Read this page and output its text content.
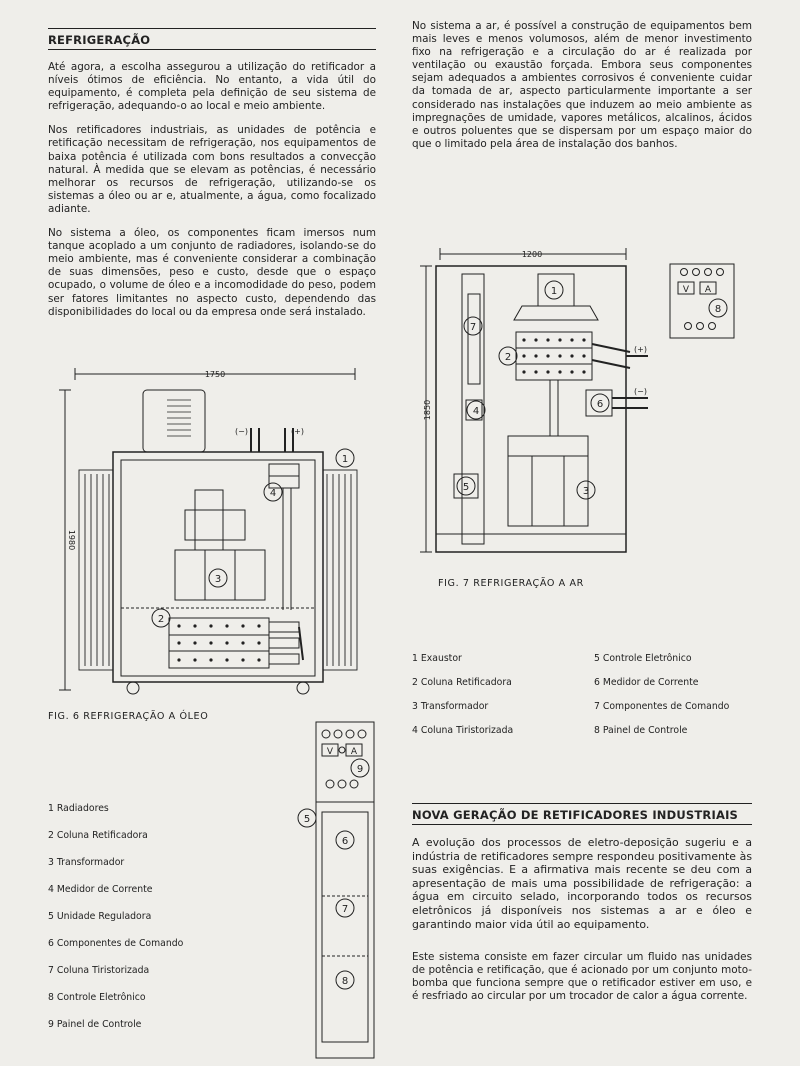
REFRIGERAÇÃO

Até agora, a escolha assegurou a utilização do retificador a níveis ótimos de eficiência. No entanto, a vida útil do equipamento, é completa pela definição de seu sistema de refrigeração, adequando-o ao local e meio ambiente.

Nos retificadores industriais, as unidades de potência e retificação necessitam de refrigeração, nos equipamentos de baixa potência é utilizada com bons resultados a convecção natural. À medida que se elevam as potências, é necessário melhorar os recursos de refrigeração, utilizando-se os sistemas a óleo ou ar e, atualmente, a água, como focalizado adiante.

No sistema a óleo, os componentes ficam imersos num tanque acoplado a um conjunto de radiadores, isolando-se do meio ambiente, mas é conveniente considerar a combinação de suas dimensões, peso e custo, desde que o espaço ocupado, o volume de óleo e a incomodidade do peso, podem ser fatores limitantes no aspecto custo, dependendo das disponibilidades do local ou da empresa onde será instalado.

No sistema a ar, é possível a construção de equipamentos bem mais leves e menos volumosos, além de menor investimento fixo na refrigeração e a circulação do ar é realizada por ventilação ou exaustão forçada. Embora seus componentes sejam adequados a ambientes corrosivos é conveniente cuidar da tomada de ar, aspecto particularmente importante a ser considerado nas instalações que induzem ao meio ambiente as impregnações de umidade, vapores metálicos, alcalinos, ácidos e outros poluentes que se dispersam por um espaço maior do que o limitado pela área de instalação dos banhos.

1750
1980
(−)	(+)
1
4
3
2
FIG. 6 REFRIGERAÇÃO A ÓLEO
1 Radiadores
2 Coluna Retificadora
3 Transformador
4 Medidor de Corrente
5 Unidade Reguladora
6 Componentes de Comando
7 Coluna Tiristorizada
8 Controle Eletrônico
9 Painel de Controle
V A
9
6
7
8
5
1200
1850
(+)
(−)
1
2
7
4
5
6
3
V A
8
FIG. 7 REFRIGERAÇÃO A AR
1 Exaustor
2 Coluna Retificadora
3 Transformador
4 Coluna Tiristorizada
5 Controle Eletrônico
6 Medidor de Corrente
7 Componentes de Comando
8 Painel de Controle
NOVA GERAÇÃO DE RETIFICADORES INDUSTRIAIS

A evolução dos processos de eletro-deposição sugeriu e a indústria de retificadores sempre respondeu positivamente às suas exigências. E a afirmativa mais recente se deu com a apresentação de mais uma possibilidade de refrigeração: a água em circuito selado, incorporando todos os recursos eletrônicos já disponíveis nos sistemas a ar e óleo e garantindo maior vida útil ao equipamento.

Este sistema consiste em fazer circular um fluido nas unidades de potência e retificação, que é acionado por um conjunto moto-bomba que funciona sempre que o retificador estiver em uso, e é resfriado ao circular por um trocador de calor a água corrente.
